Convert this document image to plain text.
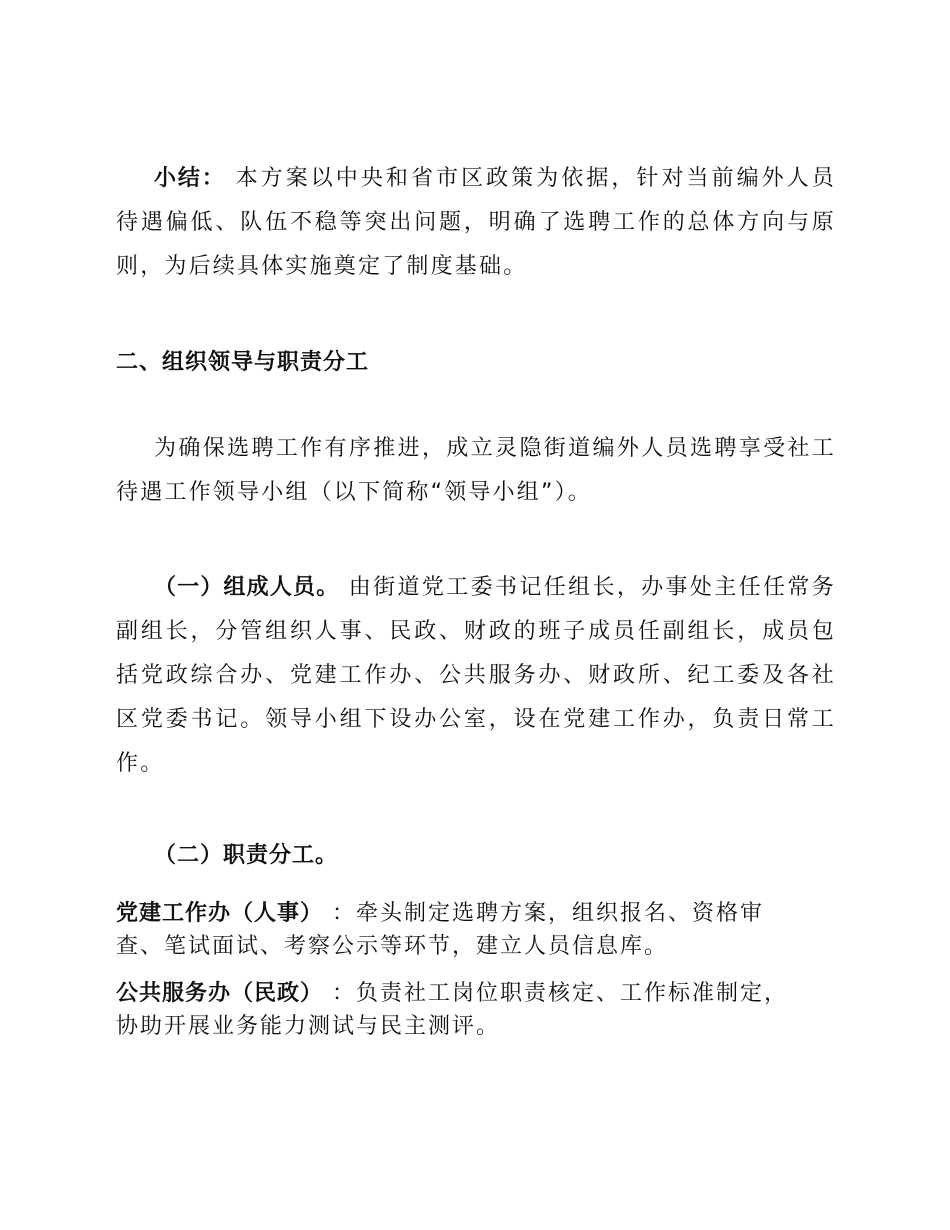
小结： 本方案以中央和省市区政策为依据，针对当前编外人员待遇偏低、队伍不稳等突出问题，明确了选聘工作的总体方向与原则，为后续具体实施奠定了制度基础。

二、组织领导与职责分工

为确保选聘工作有序推进，成立灵隐街道编外人员选聘享受社工待遇工作领导小组（以下简称“领导小组”）。

（一）组成人员。 由街道党工委书记任组长，办事处主任任常务副组长，分管组织人事、民政、财政的班子成员任副组长，成员包括党政综合办、党建工作办、公共服务办、财政所、纪工委及各社区党委书记。领导小组下设办公室，设在党建工作办，负责日常工作。

（二）职责分工。

党建工作办（人事） ：牵头制定选聘方案，组织报名、资格审查、笔试面试、考察公示等环节，建立人员信息库。

公共服务办（民政） ：负责社工岗位职责核定、工作标准制定，协助开展业务能力测试与民主测评。
